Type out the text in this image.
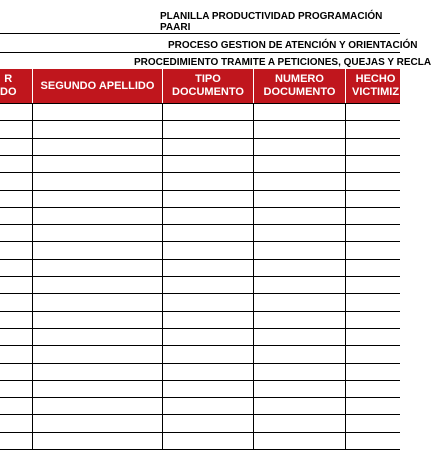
PLANILLA PRODUCTIVIDAD PROGRAMACIÓN PAARI
PROCESO GESTION DE ATENCIÓN Y ORIENTACIÓN
PROCEDIMIENTO TRAMITE A PETICIONES, QUEJAS Y RECLA
R
DO
SEGUNDO APELLIDO
TIPO
DOCUMENTO
NUMERO
DOCUMENTO
HECHO
VICTIMIZ
